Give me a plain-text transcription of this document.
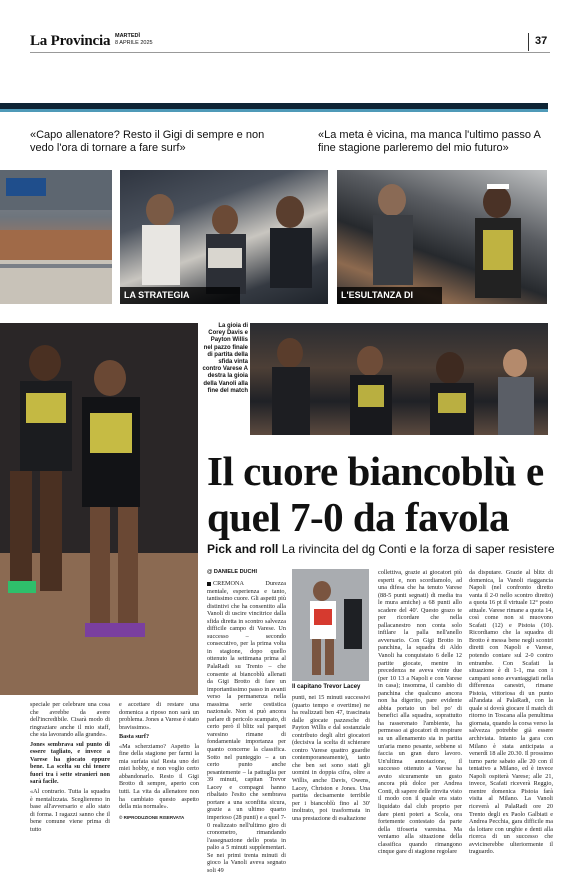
La Provincia MARTEDÌ
8 APRILE 2025	37
«Capo allenatore? Resto il Gigi di sempre e non vedo l'ora di tornare a fare surf»
«La meta è vicina, ma manca l'ultimo passo A fine stagione parleremo del mio futuro»
LA STRATEGIA VINCENTE
L'ESULTANZA DI OWENS
La gioia di Corey Davis e Payton Willis nel pazzo finale di partita della sfida vinta contro Varese A destra la gioia della Vanoli alla fine del match
Il cuore biancoblù e quel 7-0 da favola
Pick and roll La rivincita del dg Conti e la forza di saper resistere
@ DANIELE DUCHI
Il capitano Trevor Lacey

CREMONA Durezza mentale, esperienza e tanto, tantissimo cuore. Gli aspetti più distintivi che ha consentito alla Vanoli di uscire vincitrice dalla sfida diretta in scontro salvezza difficile campo di Varese. Un successo – secondo consecutivo, per la prima volta in stagione, dopo quello ottenuto la settimana prima al PalaRadi su Trento – che consente ai biancoblù allenati da Gigi Brotto di fare un importantissimo passo in avanti verso la permanenza nella massima serie cestistica nazionale. Non si può ancora parlare di pericolo scampato, di certo però il blitz sul parquet varesino rimane di fondamentale importanza per quanto concerne la classifica. Sotto nel punteggio – a un certo punto anche pesantemente – la pattuglia per 39 minuti, capitan Trevor Lacey e compagni hanno ribaltato l'esito che sembrava portare a una sconfitta sicura, grazie a un ultimo quarto imperioso (28 punti) e a quel 7-0 realizzato nell'ultimo giro di cronometro, rimandando l'assegnazione dello posta in palio a 5 minuti supplementari. Se nei primi trenta minuti di gioco la Vanoli aveva segnato soli 49

punti, nei 15 minuti successivi (quarto tempo e overtime) ne ha realizzati ben 47, trascinata dalle giocate pazzesche di Payton Willis e dal sostanziale contributo degli altri giocatori (decisiva la scelta di schierare contro Varese quattro guardie contemporaneamente), tanto che ben sei sono stati gli uomini in doppia cifra, oltre a Willis, anche Davis, Owens, Lacey, Christon e Jones. Una partita decisamente terribile per i biancoblù fino al 30' inoltrato, poi trasformata in una prestazione di esaltazione

collettiva, grazie ai giocatori più esperti e, non scordiamolo, ad una difesa che ha tenuto Varese (88-5 punti segnati) di media tra le mura amiche) a 68 punti allo scadere del 40'. Questo grazo te per ricordare che nella pallacanestro non conta solo infilare la palla nell'anello avversario. Con Gigi Brotto in panchina, la squadra di Aldo Vanoli ha conquistato 6 delle 12 partite giocate, mentre in precedenza ne aveva vinte due (per 10 13 a Napoli e con Varese in casa); insomma, il cambio di panchina che qualcuno ancora non ha digerito, pare evidente abbia portato un bel po' di benefici alla squadra, soprattutto ha rasserenato l'ambiente, ha permesso ai giocatori di respirare su un allenamento sia in partita un'aria meno pesante, sebbene si faccia un gran duro lavoro. Un'ultima annotazione, il successo ottenuto a Varese ha avuto sicuramente un gusto ancora più dolce per Andrea Conti, di sapere delle rinvita visto il modo con il quale era stato liquidato dal club proprio per dare pieni poteri a Scola, ora fortemente contestato da parte della tifoseria varesina. Ma veniamo alla situazione della classifica quando rimangono cinque gare di stagione regolare

da disputare. Grazie al blitz di domenica, la Vanoli riaggancia Napoli (nel confronto diretto vanta il 2-0 nello scontro diretto) a quota 16 pt il virtuale 12° posto attuale. Varese rimane a quota 14, così come non si muovono Scafati (12) e Pistoia (10). Ricordiamo che la squadra di Brotto è messa bene negli scontri diretti con Napoli e Varese, potendo contare sul 2-0 contro entrambe. Con Scafati la situazione è di 1-1, ma con i campani sono avvantaggiati nella differenza canestri, rimane Pistoia, vittoriosa di un punto all'andata al PalaRadi, con la quale si dovrà giocare il match di ritorno in Toscana alla penultima giornata, quando la corsa verso la salvezza potrebbe già essere archiviata. Intanto la gara con Milano è stata anticipata a venerdì 18 alle 20.30. Il prossimo turno parte sabato alle 20 con il tentativo a Milano, ed è invece Napoli ospiterà Varese; alle 21, invece, Scafati riceverà Reggio, mentre domenica Pistoia farà visita al Milano. La Vanoli riceverà al PalaRadi ore 20 Trento degli ex Paolo Galbiati e Andrea Pecchia, gara difficile ma da lottare con unghie e denti alla ricerca di un successo che avvicinerebbe ulteriormente il traguardo.

speciale per celebrare una cosa che avrebbe da avere dell'incredibile. Cisarà modo di ringraziare anche il mio staff, che sta lavorando alla grande».

Jones sembrava sul punto di essere tagliato, e invece a Varese ha giocato eppure bene. La scelta su chi tenere fuori tra i sette stranieri non sarà facile.

«Al contrario. Tutta la squadra è mentalizzata. Sceglieremo in base all'avversario e allo stato di forma. I ragazzi sanno che il bene comune viene prima di tutto

e accettare di restare una domenica a riposo non sarà un problema. Jones a Varese è stato bravissimo».

Basta surf?

«Ma scherziamo? Aspetto la fine della stagione per farmi la mia surfata sia! Resta uno dei miei hobby, e non voglio certo abbandonarlo. Resto il Gigi Brotto di sempre, aperto con tutti. La vita da allenatore non ha cambiato questo aspetto della mia normale».

© RIPRODUZIONE RISERVATA
